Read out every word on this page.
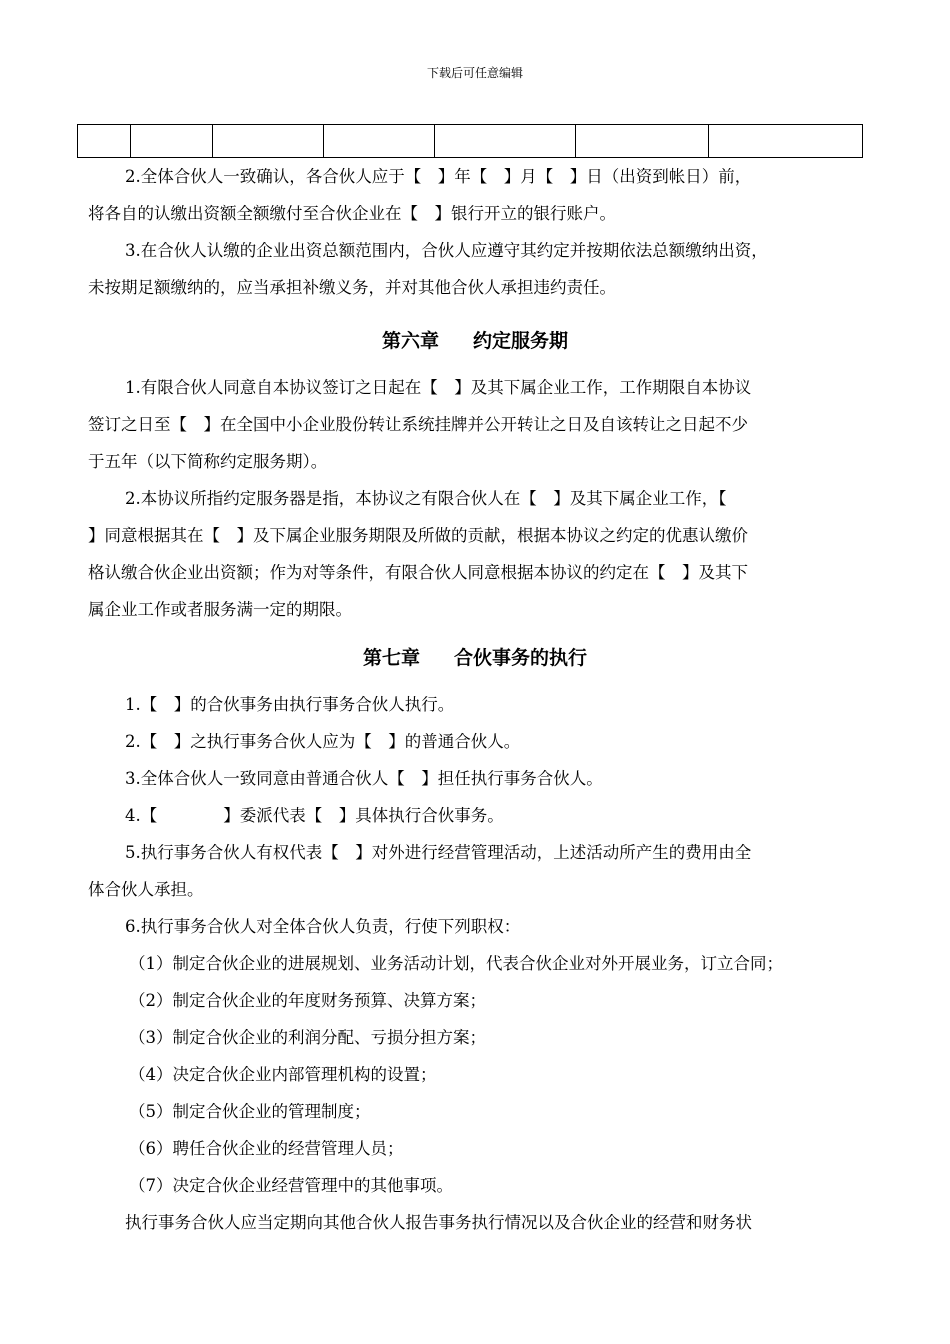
下载后可任意编辑

2.全体合伙人一致确认，各合伙人应于【　】年【　】月【　】日（出资到帐日）前，

将各自的认缴出资额全额缴付至合伙企业在【　】银行开立的银行账户。

3.在合伙人认缴的企业出资总额范围内，合伙人应遵守其约定并按期依法总额缴纳出资，

未按期足额缴纳的，应当承担补缴义务，并对其他合伙人承担违约责任。

第六章 约定服务期

1.有限合伙人同意自本协议签订之日起在【　】及其下属企业工作，工作期限自本协议

签订之日至【　】在全国中小企业股份转让系统挂牌并公开转让之日及自该转让之日起不少

于五年（以下简称约定服务期）。

2.本协议所指约定服务器是指，本协议之有限合伙人在【　】及其下属企业工作，【

】同意根据其在【　】及下属企业服务期限及所做的贡献，根据本协议之约定的优惠认缴价

格认缴合伙企业出资额；作为对等条件，有限合伙人同意根据本协议的约定在【　】及其下

属企业工作或者服务满一定的期限。

第七章 合伙事务的执行

1.【　】的合伙事务由执行事务合伙人执行。

2.【　】之执行事务合伙人应为【　】的普通合伙人。

3.全体合伙人一致同意由普通合伙人【　】担任执行事务合伙人。

4.【　　　　】委派代表【　】具体执行合伙事务。

5.执行事务合伙人有权代表【　】对外进行经营管理活动，上述活动所产生的费用由全

体合伙人承担。

6.执行事务合伙人对全体合伙人负责，行使下列职权：

（1）制定合伙企业的进展规划、业务活动计划，代表合伙企业对外开展业务，订立合同；

（2）制定合伙企业的年度财务预算、决算方案；

（3）制定合伙企业的利润分配、亏损分担方案；

（4）决定合伙企业内部管理机构的设置；

（5）制定合伙企业的管理制度；

（6）聘任合伙企业的经营管理人员；

（7）决定合伙企业经营管理中的其他事项。

执行事务合伙人应当定期向其他合伙人报告事务执行情况以及合伙企业的经营和财务状
